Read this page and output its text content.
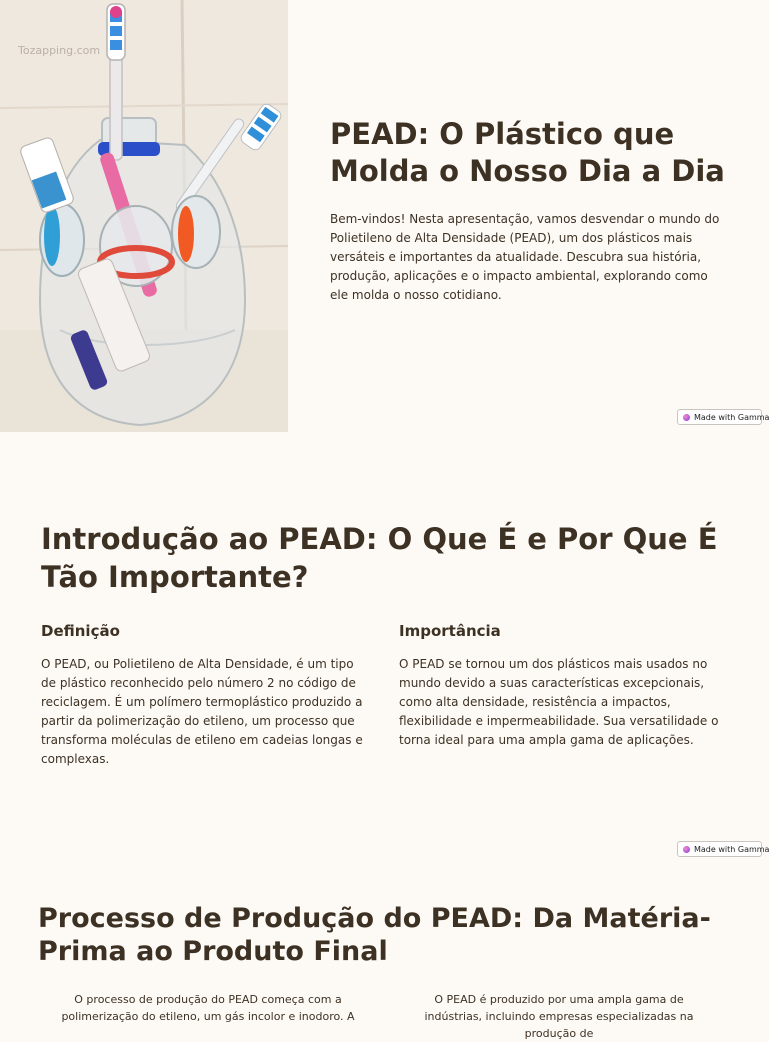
Tozapping.com
PEAD: O Plástico que Molda o Nosso Dia a Dia

Bem-vindos! Nesta apresentação, vamos desvendar o mundo do Polietileno de Alta Densidade (PEAD), um dos plásticos mais versáteis e importantes da atualidade. Descubra sua história, produção, aplicações e o impacto ambiental, explorando como ele molda o nosso cotidiano.

Made with Gamma
Introdução ao PEAD: O Que É e Por Que É Tão Importante?
Definição

O PEAD, ou Polietileno de Alta Densidade, é um tipo de plástico reconhecido pelo número 2 no código de reciclagem. É um polímero termoplástico produzido a partir da polimerização do etileno, um processo que transforma moléculas de etileno em cadeias longas e complexas.

Importância

O PEAD se tornou um dos plásticos mais usados no mundo devido a suas características excepcionais, como alta densidade, resistência a impactos, flexibilidade e impermeabilidade. Sua versatilidade o torna ideal para uma ampla gama de aplicações.

Made with Gamma
Processo de Produção do PEAD: Da Matéria-Prima ao Produto Final

O processo de produção do PEAD começa com a polimerização do etileno, um gás incolor e inodoro. A

O PEAD é produzido por uma ampla gama de indústrias, incluindo empresas especializadas na produção de
